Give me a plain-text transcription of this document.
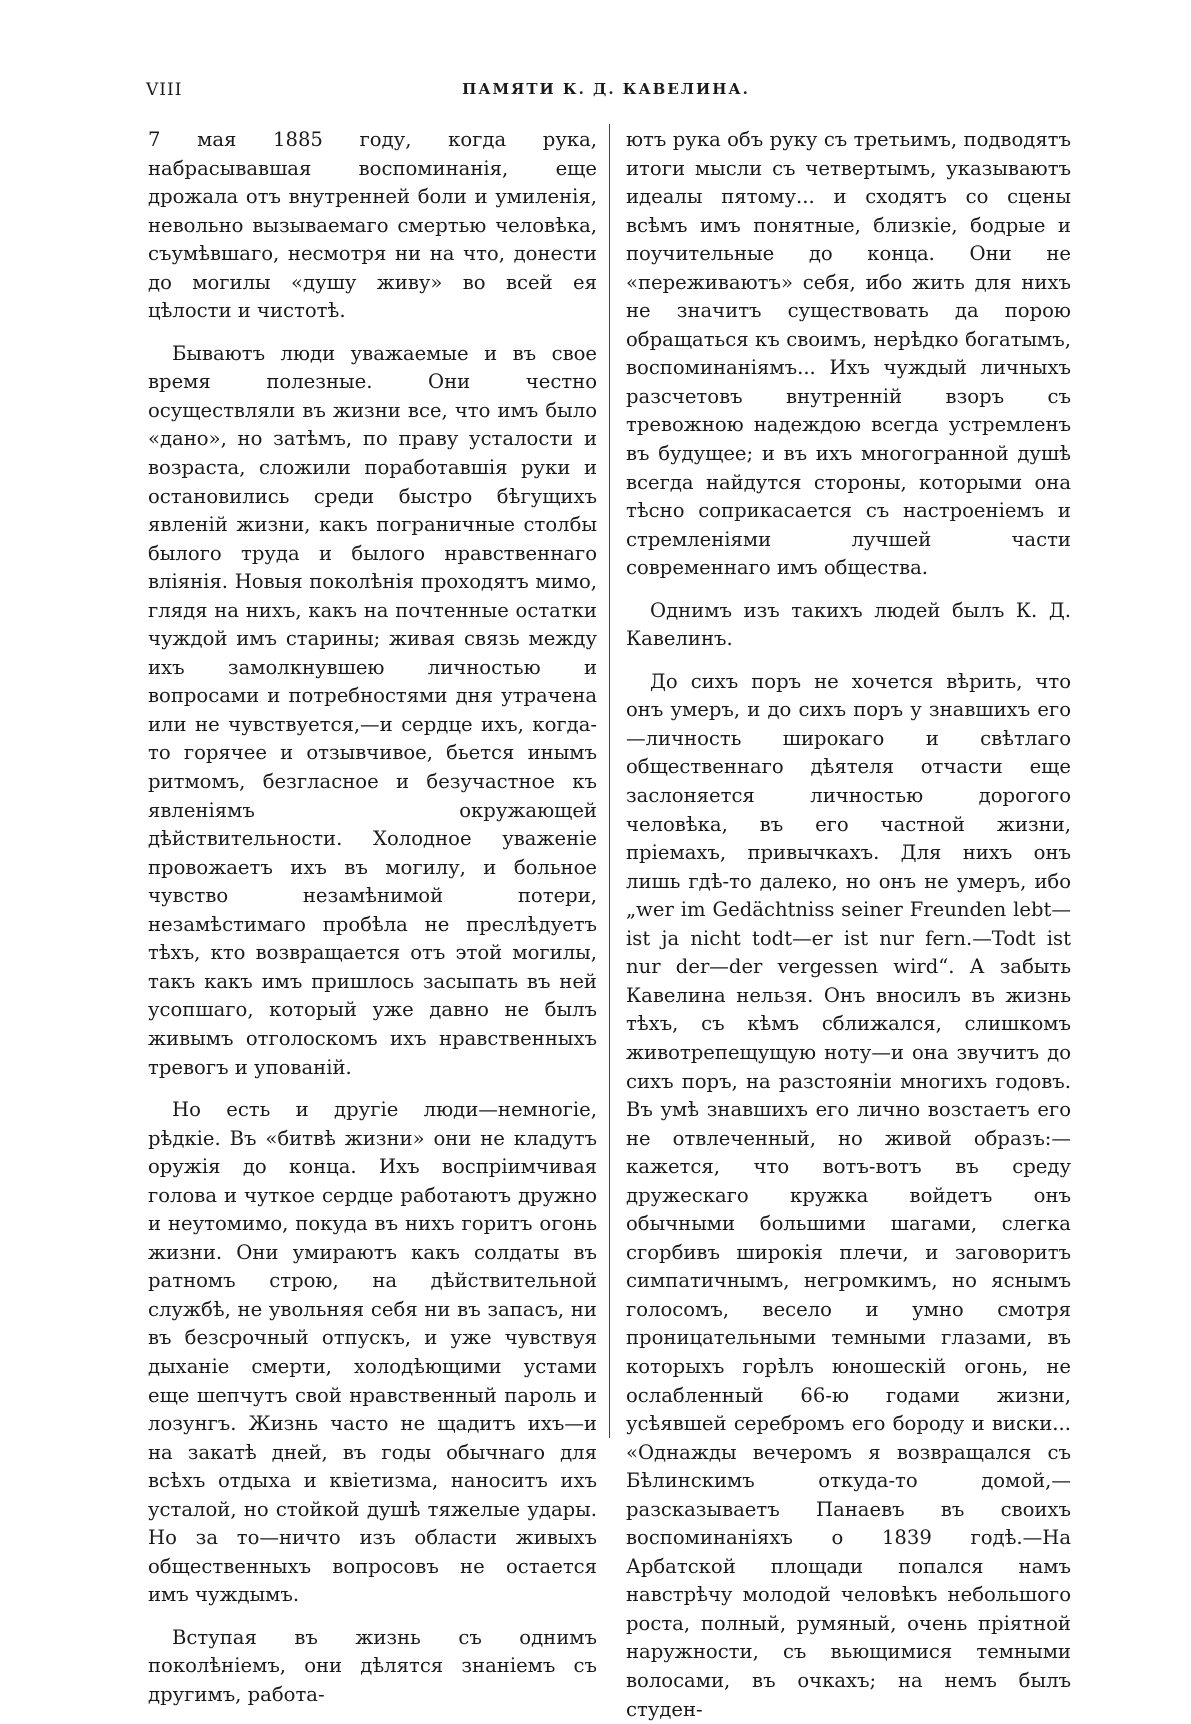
VIII	ПАМЯТИ К. Д. КАВЕЛИНА.

7 мая 1885 году, когда рука, набрасывавшая воспоминанія, еще дрожала отъ внутренней боли и умиленія, невольно вызываемаго смертью человѣка, съумѣвшаго, несмотря ни на что, донести до могилы «душу живу» во всей ея цѣлости и чистотѣ.

Бываютъ люди уважаемые и въ свое время полезные. Они честно осуществляли въ жизни все, что имъ было «дано», но затѣмъ, по праву усталости и возраста, сложили поработавшія руки и остановились среди быстро бѣгущихъ явленій жизни, какъ пограничные столбы былого труда и былого нравственнаго вліянія. Новыя поколѣнія проходятъ мимо, глядя на нихъ, какъ на почтенные остатки чуждой имъ старины; живая связь между ихъ замолкнувшею личностью и вопросами и потребностями дня утрачена или не чувствуется,—и сердце ихъ, когда-то горячее и отзывчивое, бьется инымъ ритмомъ, безгласное и безучастное къ явленіямъ окружающей дѣйствительности. Холодное уваженіе провожаетъ ихъ въ могилу, и больное чувство незамѣнимой потери, незамѣстимаго пробѣла не преслѣдуетъ тѣхъ, кто возвращается отъ этой могилы, такъ какъ имъ пришлось засыпать въ ней усопшаго, который уже давно не былъ живымъ отголоскомъ ихъ нравственныхъ тревогъ и упованій.

Но есть и другіе люди—немногіе, рѣдкіе. Въ «битвѣ жизни» они не кладутъ оружія до конца. Ихъ воспріимчивая голова и чуткое сердце работаютъ дружно и неутомимо, покуда въ нихъ горитъ огонь жизни. Они умираютъ какъ солдаты въ ратномъ строю, на дѣйствительной службѣ, не увольняя себя ни въ запасъ, ни въ безсрочный отпускъ, и уже чувствуя дыханіе смерти, холодѣющими устами еще шепчутъ свой нравственный пароль и лозунгъ. Жизнь часто не щадитъ ихъ—и на закатѣ дней, въ годы обычнаго для всѣхъ отдыха и квіетизма, наноситъ ихъ усталой, но стойкой душѣ тяжелые удары. Но за то—ничто изъ области живыхъ общественныхъ вопросовъ не остается имъ чуждымъ.

Вступая въ жизнь съ однимъ поколѣніемъ, они дѣлятся знаніемъ съ другимъ, работа-

ютъ рука объ руку съ третьимъ, подводятъ итоги мысли съ четвертымъ, указываютъ идеалы пятому... и сходятъ со сцены всѣмъ имъ понятные, близкіе, бодрые и поучительные до конца. Они не «переживаютъ» себя, ибо жить для нихъ не значитъ существовать да порою обращаться къ своимъ, нерѣдко богатымъ, воспоминаніямъ... Ихъ чуждый личныхъ разсчетовъ внутренній взоръ съ тревожною надеждою всегда устремленъ въ будущее; и въ ихъ многогранной душѣ всегда найдутся стороны, которыми она тѣсно соприкасается съ настроеніемъ и стремленіями лучшей части современнаго имъ общества.

Однимъ изъ такихъ людей былъ К. Д. Кавелинъ.

До сихъ поръ не хочется вѣрить, что онъ умеръ, и до сихъ поръ у знавшихъ его—личность широкаго и свѣтлаго общественнаго дѣятеля отчасти еще заслоняется личностью дорогого человѣка, въ его частной жизни, пріемахъ, привычкахъ. Для нихъ онъ лишь гдѣ-то далеко, но онъ не умеръ, ибо „wer im Gedächtniss seiner Freunden lebt—ist ja nicht todt—er ist nur fern.—Todt ist nur der—der vergessen wird“. А забыть Кавелина нельзя. Онъ вносилъ въ жизнь тѣхъ, съ кѣмъ сближался, слишкомъ животрепещущую ноту—и она звучитъ до сихъ поръ, на разстояніи многихъ годовъ. Въ умѣ знавшихъ его лично возстаетъ его не отвлеченный, но живой образъ:—кажется, что вотъ-вотъ въ среду дружескаго кружка войдетъ онъ обычными большими шагами, слегка сгорбивъ широкія плечи, и заговоритъ симпатичнымъ, негромкимъ, но яснымъ голосомъ, весело и умно смотря проницательными темными глазами, въ которыхъ горѣлъ юношескій огонь, не ослабленный 66-ю годами жизни, усѣявшей серебромъ его бороду и виски... «Однажды вечеромъ я возвращался съ Бѣлинскимъ откуда-то домой,—разсказываетъ Панаевъ въ своихъ воспоминаніяхъ о 1839 годѣ.—На Арбатской площади попался намъ навстрѣчу молодой человѣкъ небольшого роста, полный, румяный, очень пріятной наружности, съ вьющимися темными волосами, въ очкахъ; на немъ былъ студен-
